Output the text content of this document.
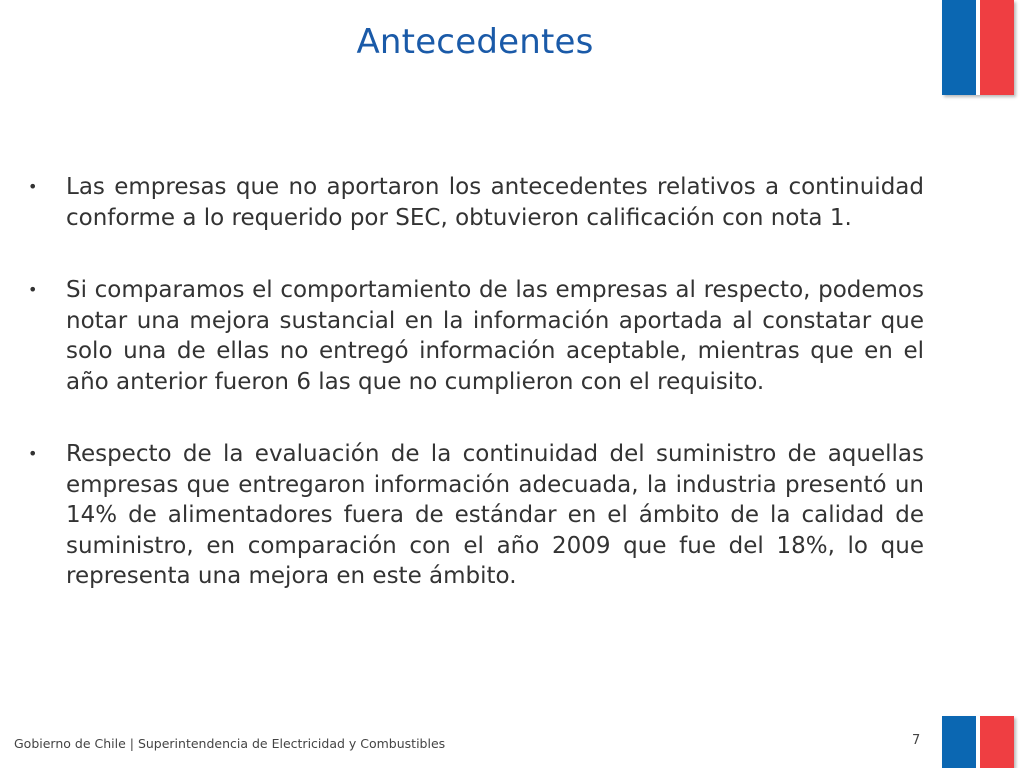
Antecedentes
•	Las empresas que no aportaron los antecedentes relativos a continuidad conforme a lo requerido por SEC, obtuvieron calificación con nota 1.
•	Si comparamos el comportamiento de las empresas al respecto, podemos notar una mejora sustancial en la información aportada al constatar que solo una de ellas no entregó información aceptable, mientras que en el año anterior fueron 6 las que no cumplieron con el requisito.
•	Respecto de la evaluación de la continuidad del suministro de aquellas empresas que entregaron información adecuada, la industria presentó un 14% de alimentadores fuera de estándar en el ámbito de la calidad de suministro, en comparación con el año 2009 que fue del 18%, lo que representa una mejora en este ámbito.
Gobierno de Chile | Superintendencia de Electricidad y Combustibles	7
